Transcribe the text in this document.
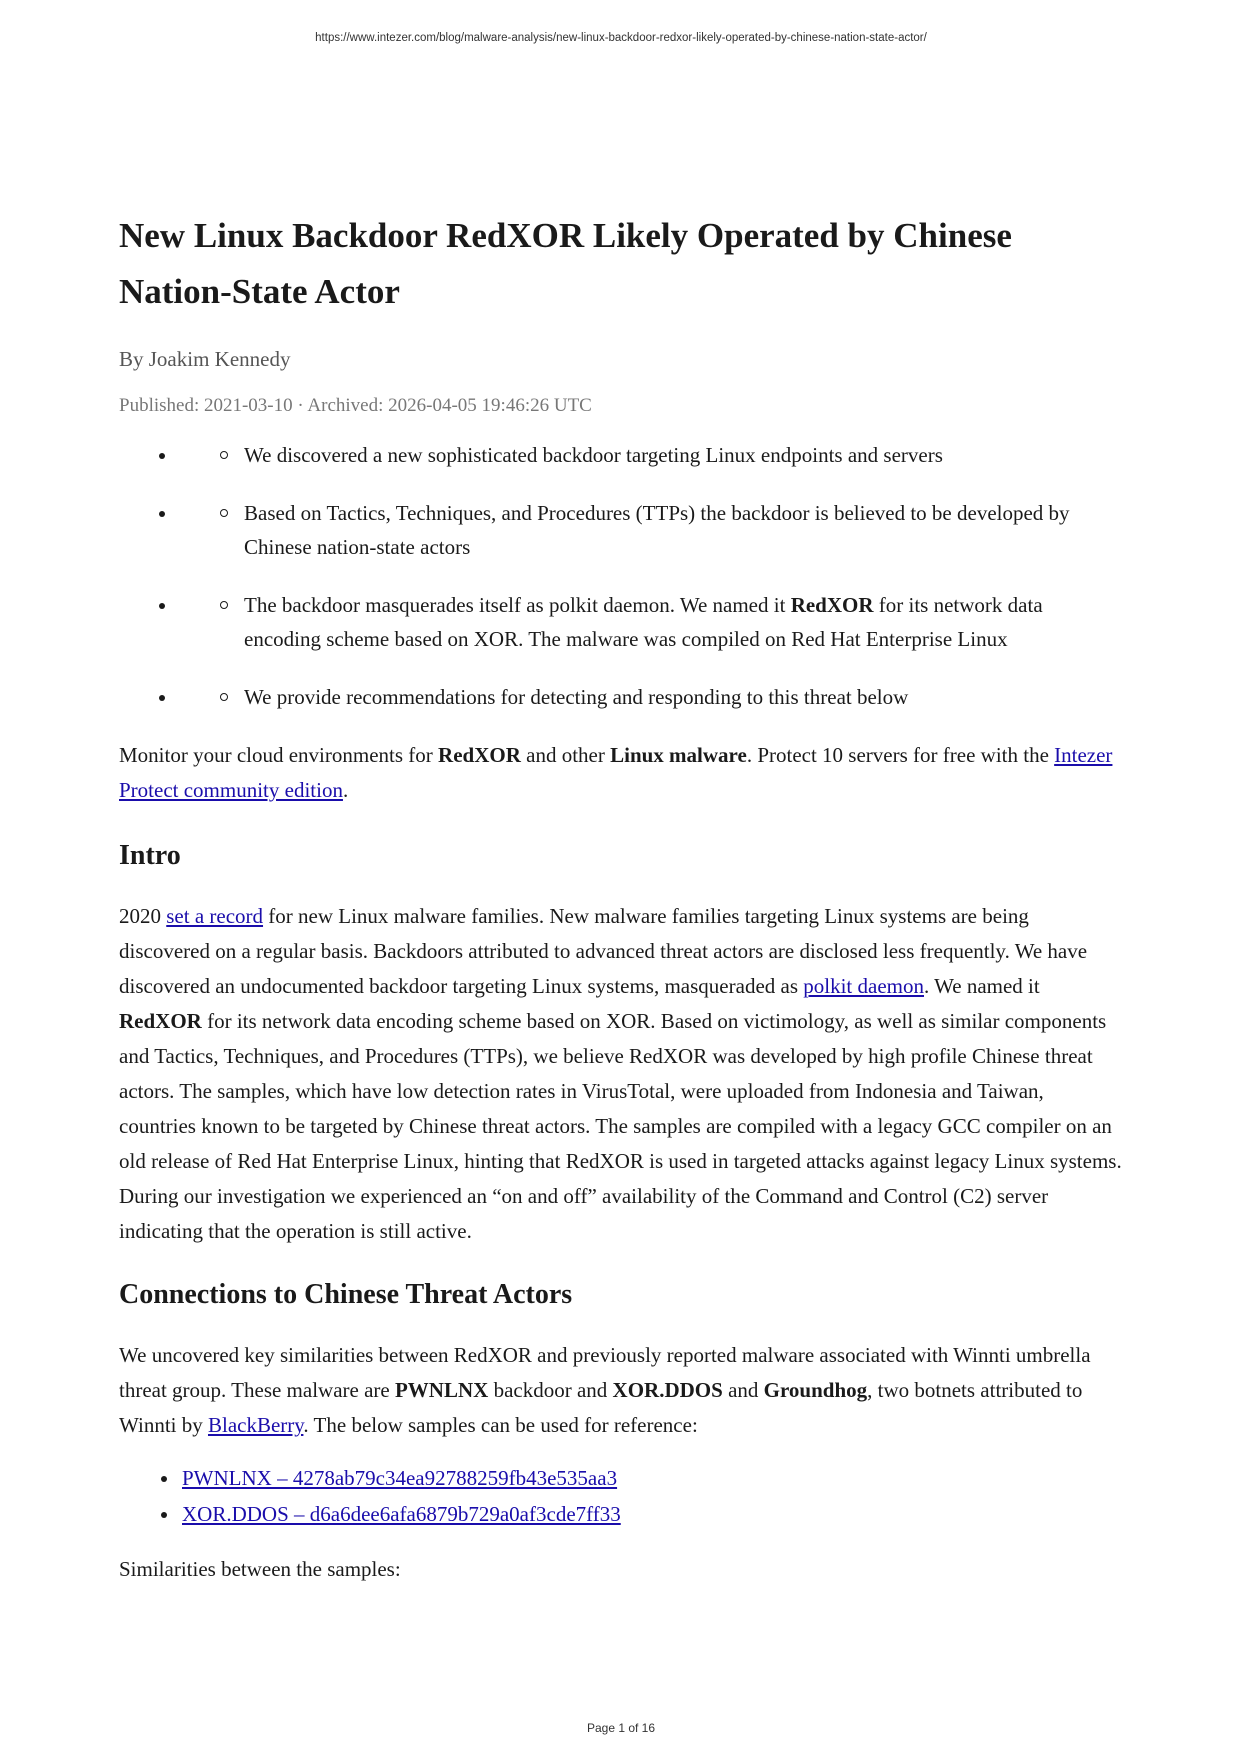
https://www.intezer.com/blog/malware-analysis/new-linux-backdoor-redxor-likely-operated-by-chinese-nation-state-actor/
New Linux Backdoor RedXOR Likely Operated by Chinese Nation-State Actor
By Joakim Kennedy
Published: 2021-03-10 · Archived: 2026-04-05 19:46:26 UTC
We discovered a new sophisticated backdoor targeting Linux endpoints and servers
Based on Tactics, Techniques, and Procedures (TTPs) the backdoor is believed to be developed by Chinese nation-state actors
The backdoor masquerades itself as polkit daemon. We named it RedXOR for its network data encoding scheme based on XOR. The malware was compiled on Red Hat Enterprise Linux
We provide recommendations for detecting and responding to this threat below

Monitor your cloud environments for RedXOR and other Linux malware. Protect 10 servers for free with the Intezer Protect community edition.

Intro

2020 set a record for new Linux malware families. New malware families targeting Linux systems are being discovered on a regular basis. Backdoors attributed to advanced threat actors are disclosed less frequently. We have discovered an undocumented backdoor targeting Linux systems, masqueraded as polkit daemon. We named it RedXOR for its network data encoding scheme based on XOR. Based on victimology, as well as similar components and Tactics, Techniques, and Procedures (TTPs), we believe RedXOR was developed by high profile Chinese threat actors. The samples, which have low detection rates in VirusTotal, were uploaded from Indonesia and Taiwan, countries known to be targeted by Chinese threat actors. The samples are compiled with a legacy GCC compiler on an old release of Red Hat Enterprise Linux, hinting that RedXOR is used in targeted attacks against legacy Linux systems. During our investigation we experienced an “on and off” availability of the Command and Control (C2) server indicating that the operation is still active.

Connections to Chinese Threat Actors

We uncovered key similarities between RedXOR and previously reported malware associated with Winnti umbrella threat group. These malware are PWNLNX backdoor and XOR.DDOS and Groundhog, two botnets attributed to Winnti by BlackBerry. The below samples can be used for reference:

PWNLNX – 4278ab79c34ea92788259fb43e535aa3
XOR.DDOS – d6a6dee6afa6879b729a0af3cde7ff33

Similarities between the samples:

Page 1 of 16
